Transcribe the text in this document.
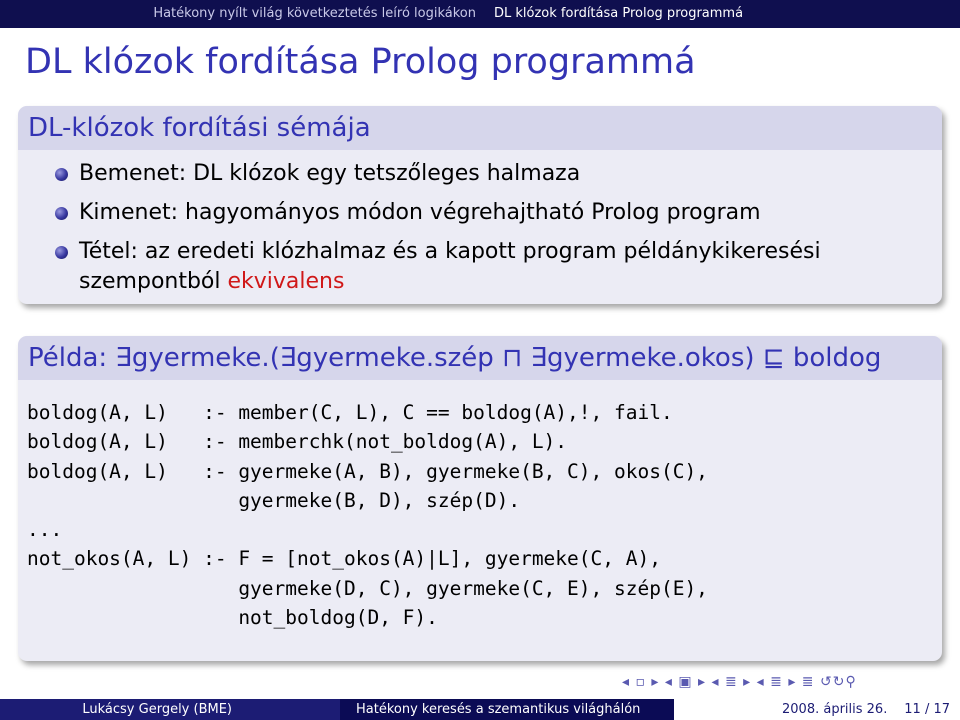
Hatékony nyílt világ következtetés leíró logikákon DL klózok fordítása Prolog programmá
DL klózok fordítása Prolog programmá
DL-klózok fordítási sémája
Bemenet: DL klózok egy tetszőleges halmaza
Kimenet: hagyományos módon végrehajtható Prolog program
Tétel: az eredeti klózhalmaz és a kapott program példánykikeresési
szempontból ekvivalens
Példa: ∃gyermeke.(∃gyermeke.szép ⊓ ∃gyermeke.okos) ⊑ boldog
boldog(A, L)   :- member(C, L), C == boldog(A),!, fail.
boldog(A, L)   :- memberchk(not_boldog(A), L).
boldog(A, L)   :- gyermeke(A, B), gyermeke(B, C), okos(C),
gyermeke(B, D), szép(D).
...
not_okos(A, L) :- F = [not_okos(A)|L], gyermeke(C, A),
gyermeke(D, C), gyermeke(C, E), szép(E),
not_boldog(D, F).
◂ ▫ ▸ ◂ ▣ ▸ ◂ ≣ ▸ ◂ ≣ ▸ ≣ ↺↻⚲
Lukácsy Gergely (BME)	Hatékony keresés a szemantikus világhálón	2008. április 26. 11 / 17
